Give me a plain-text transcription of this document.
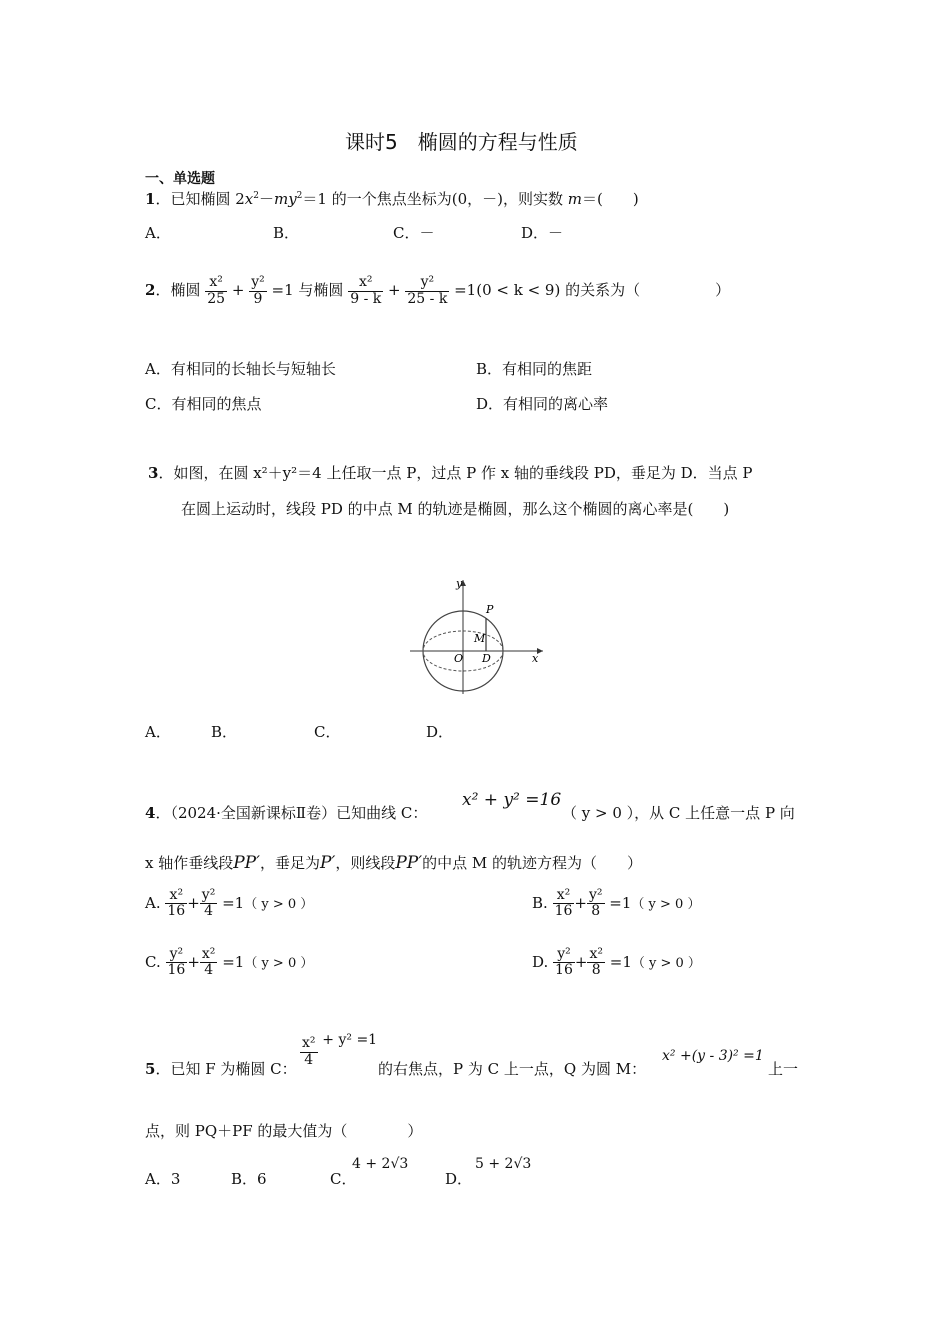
课时5　椭圆的方程与性质
一、单选题
1．已知椭圆 $2x^2-my^2=1$ 的一个焦点坐标为(0，－)，则实数 m＝(　　)
A．	B．	C．－	D．－
2．椭圆 $\frac{\text{x²}}{25} + \frac{\text{y²}}{9} =1$ 与椭圆 $\frac{\text{x²}}{9 - k} + \frac{\text{y²}}{25 - k} =1(0 < k < 9)$ 的关系为（　　　　　）
A．有相同的长轴长与短轴长	B．有相同的焦距
C．有相同的焦点	D．有相同的离心率
3．如图，在圆 x²＋y²＝4 上任取一点 P，过点 P 作 x 轴的垂线段 PD，垂足为 D．当点 P
在圆上运动时，线段 PD 的中点 M 的轨迹是椭圆，那么这个椭圆的离心率是(　　)
y
x
P
M
O D
A．	B．	C．	D．
4．（2024·全国新课标Ⅱ卷）已知曲线 C：
x² + y² =16
（ y > 0 ），从 C 上任意一点 P 向
x 轴作垂线段PP′，垂足为P′，则线段PP′的中点 M 的轨迹方程为（　　）
A. $\frac{\text{x²}}{16} + \frac{\text{y²}}{4} =1$（ y > 0 ）	B. $\frac{\text{x²}}{16} + \frac{\text{y²}}{8} =1$（ y > 0 ）
C. $\frac{\text{y²}}{16} + \frac{\text{x²}}{4} =1$（ y > 0 ）	D. $\frac{\text{y²}}{16} + \frac{\text{x²}}{8} =1$（ y > 0 ）
5．已知 F 为椭圆 C：
$\frac{\text{x²}}{4} + y^2 =1$
的右焦点，P 为 C 上一点，Q 为圆 M：
x² +(y - 3)² =1
上一
点，则 PQ＋PF 的最大值为（　　　　）
A．3	B．6	C．
4 + 2√3
D．
5 + 2√3
